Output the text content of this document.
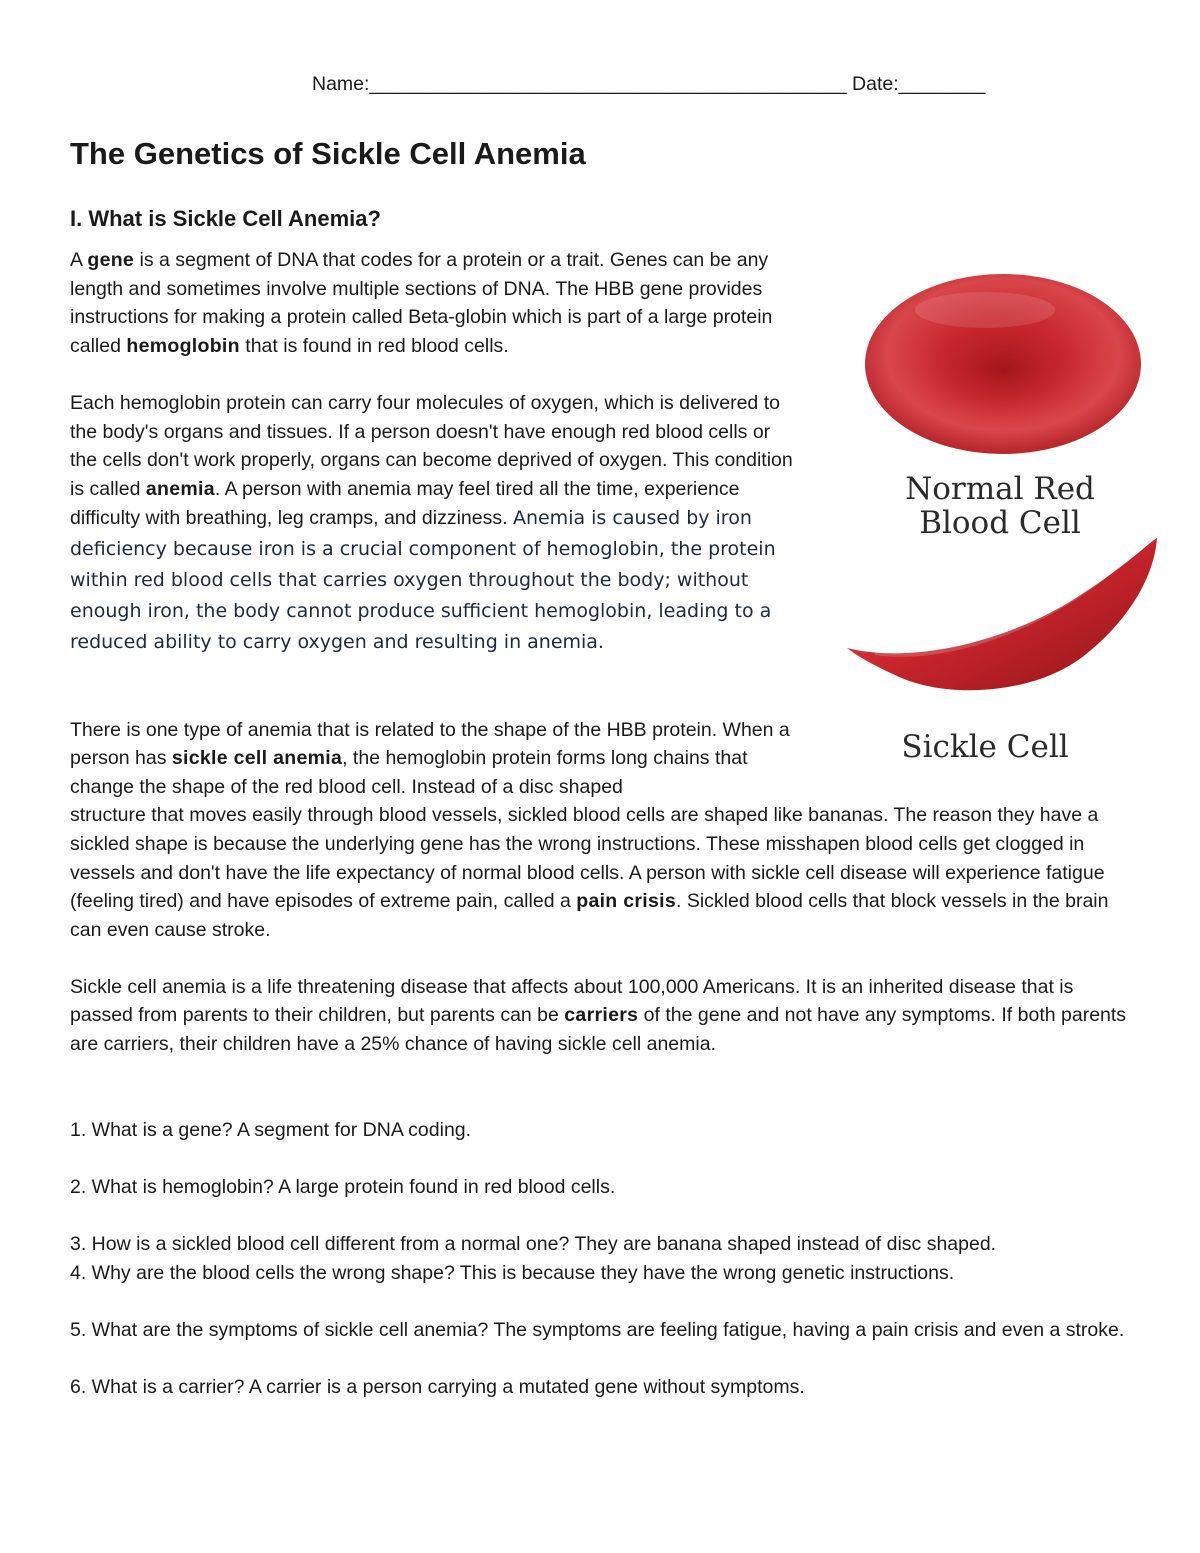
Name:____________________________________________ Date:________
The Genetics of Sickle Cell Anemia
I. What is Sickle Cell Anemia?

A gene is a segment of DNA that codes for a protein or a trait. Genes can be any length and sometimes involve multiple sections of DNA. The HBB gene provides instructions for making a protein called Beta-globin which is part of a large protein called hemoglobin that is found in red blood cells.

Each hemoglobin protein can carry four molecules of oxygen, which is delivered to the body's organs and tissues. If a person doesn't have enough red blood cells or the cells don't work properly, organs can become deprived of oxygen. This condition is called anemia. A person with anemia may feel tired all the time, experience difficulty with breathing, leg cramps, and dizziness. Anemia is caused by iron deficiency because iron is a crucial component of hemoglobin, the protein within red blood cells that carries oxygen throughout the body; without enough iron, the body cannot produce sufficient hemoglobin, leading to a reduced ability to carry oxygen and resulting in anemia.

There is one type of anemia that is related to the shape of the HBB protein. When a person has sickle cell anemia, the hemoglobin protein forms long chains that change the shape of the red blood cell. Instead of a disc shaped
structure that moves easily through blood vessels, sickled blood cells are shaped like bananas. The reason they have a sickled shape is because the underlying gene has the wrong instructions. These misshapen blood cells get clogged in vessels and don't have the life expectancy of normal blood cells. A person with sickle cell disease will experience fatigue (feeling tired) and have episodes of extreme pain, called a pain crisis. Sickled blood cells that block vessels in the brain can even cause stroke.

Sickle cell anemia is a life threatening disease that affects about 100,000 Americans. It is an inherited disease that is passed from parents to their children, but parents can be carriers of the gene and not have any symptoms. If both parents are carriers, their children have a 25% chance of having sickle cell anemia.

1. What is a gene? A segment for DNA coding.

2. What is hemoglobin? A large protein found in red blood cells.

3. How is a sickled blood cell different from a normal one? They are banana shaped instead of disc shaped.

4. Why are the blood cells the wrong shape? This is because they have the wrong genetic instructions.

5. What are the symptoms of sickle cell anemia? The symptoms are feeling fatigue, having a pain crisis and even a stroke.

6. What is a carrier? A carrier is a person carrying a mutated gene without symptoms.

Normal Red
Blood Cell
Sickle Cell
